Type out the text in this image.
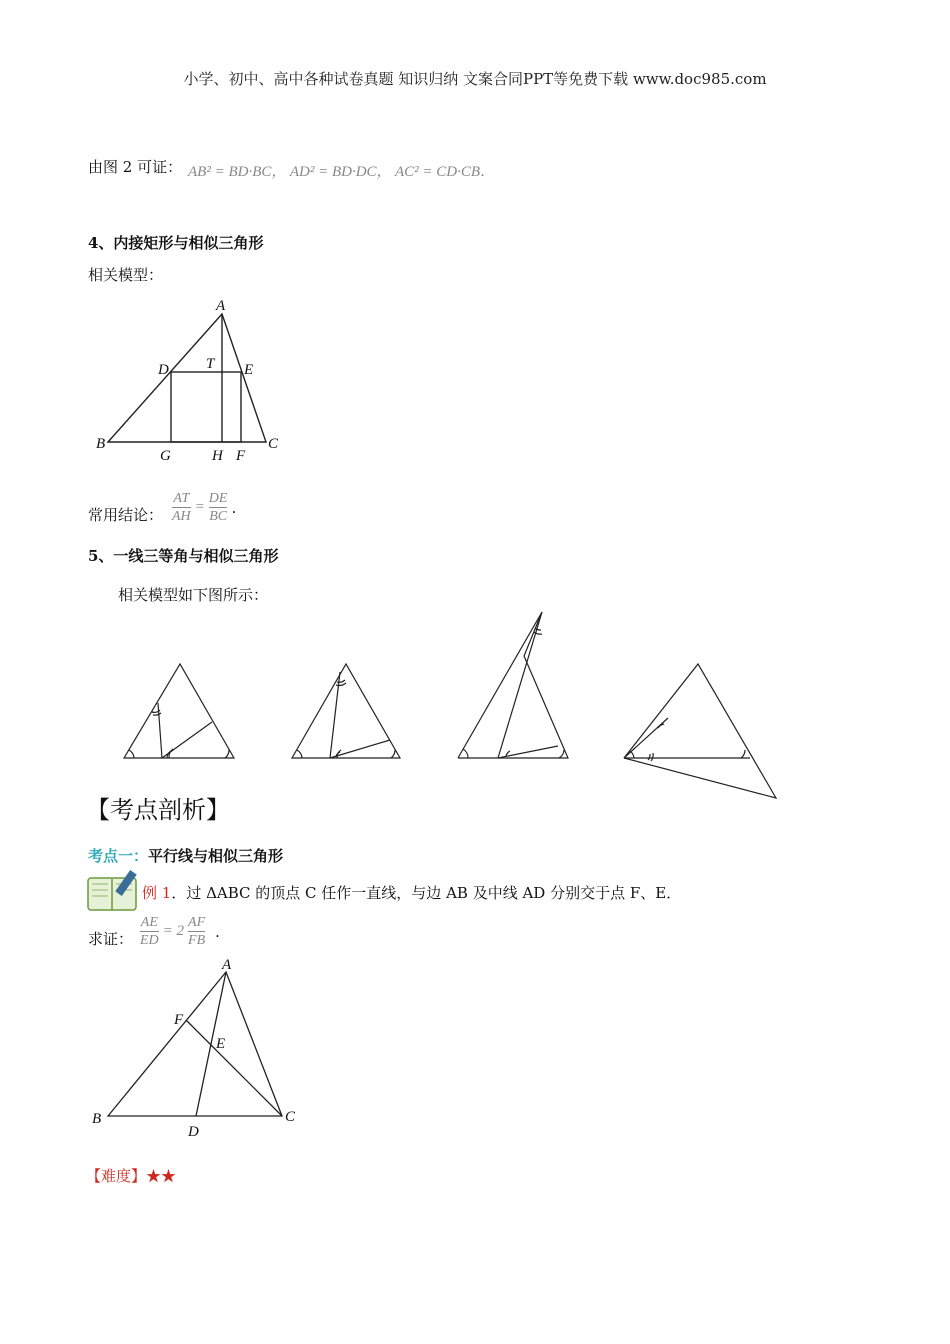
小学、初中、高中各种试卷真题 知识归纳 文案合同PPT等免费下载 www.doc985.com
由图 2 可证： AB² = BD·BC， AD² = BD·DC， AC² = CD·CB．
4、内接矩形与相似三角形
相关模型：
A
B	C
D	E
T
G	H F
常用结论： $\frac{AT}{AH} = \frac{DE}{BC}$ .
5、一线三等角与相似三角形
相关模型如下图所示：
【考点剖析】
考点一：平行线与相似三角形
例 1．过 ΔABC 的顶点 C 任作一直线，与边 AB 及中线 AD 分别交于点 F、E．
求证： $\frac{AE}{ED} = 2 \frac{AF}{FB}$ .
A
B	C
D
E
F
【难度】★★
